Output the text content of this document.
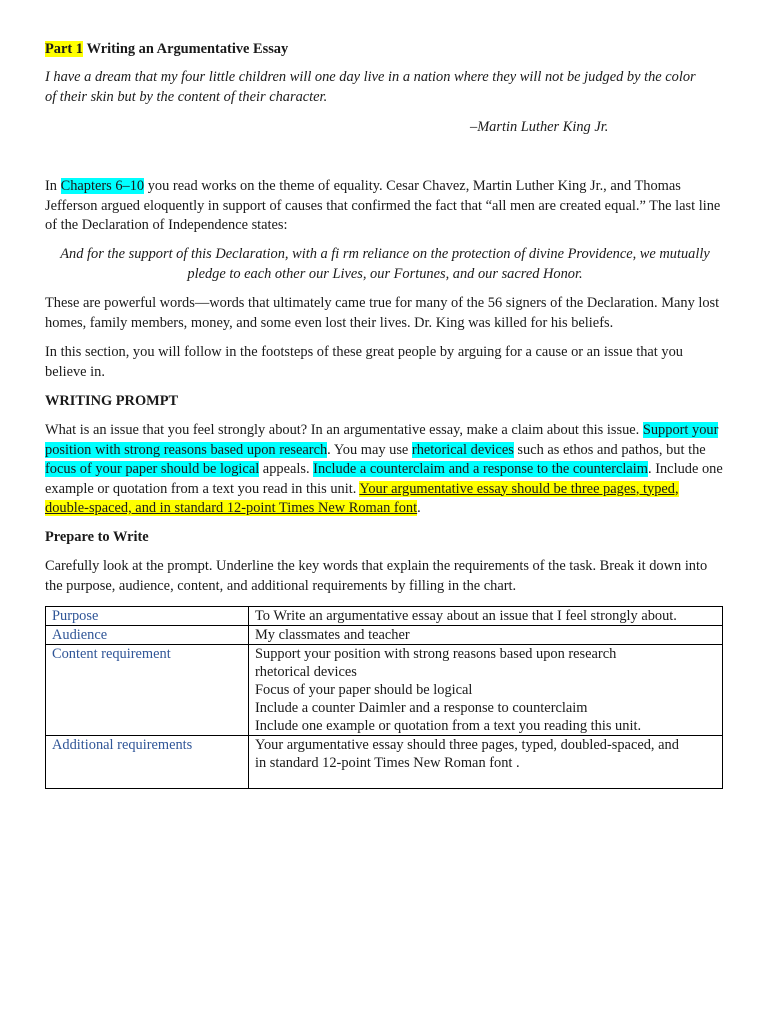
Part 1 Writing an Argumentative Essay

I have a dream that my four little children will one day live in a nation where they will not be judged by the color of their skin but by the content of their character.

–Martin Luther King Jr.

In Chapters 6–10 you read works on the theme of equality. Cesar Chavez, Martin Luther King Jr., and Thomas Jefferson argued eloquently in support of causes that confirmed the fact that “all men are created equal.” The last line of the Declaration of Independence states:

And for the support of this Declaration, with a fi rm reliance on the protection of divine Providence, we mutually pledge to each other our Lives, our Fortunes, and our sacred Honor.

These are powerful words—words that ultimately came true for many of the 56 signers of the Declaration. Many lost homes, family members, money, and some even lost their lives. Dr. King was killed for his beliefs.

In this section, you will follow in the footsteps of these great people by arguing for a cause or an issue that you believe in.

WRITING PROMPT

What is an issue that you feel strongly about? In an argumentative essay, make a claim about this issue. Support your position with strong reasons based upon research. You may use rhetorical devices such as ethos and pathos, but the focus of your paper should be logical appeals. Include a counterclaim and a response to the counterclaim. Include one example or quotation from a text you read in this unit. Your argumentative essay should be three pages, typed, double-spaced, and in standard 12-point Times New Roman font.

Prepare to Write

Carefully look at the prompt. Underline the key words that explain the requirements of the task. Break it down into the purpose, audience, content, and additional requirements by filling in the chart.

Purpose	To Write an argumentative essay about an issue that I feel strongly about.

Audience	My classmates and teacher

Content requirement	Support your position with strong reasons based upon research
rhetorical devices
Focus of your paper should be logical
Include a counter Daimler and a response to counterclaim
Include one example or quotation from a text you reading this unit.

Additional requirements	Your argumentative essay should three pages, typed, doubled-spaced, and
in standard 12-point Times New Roman font .
